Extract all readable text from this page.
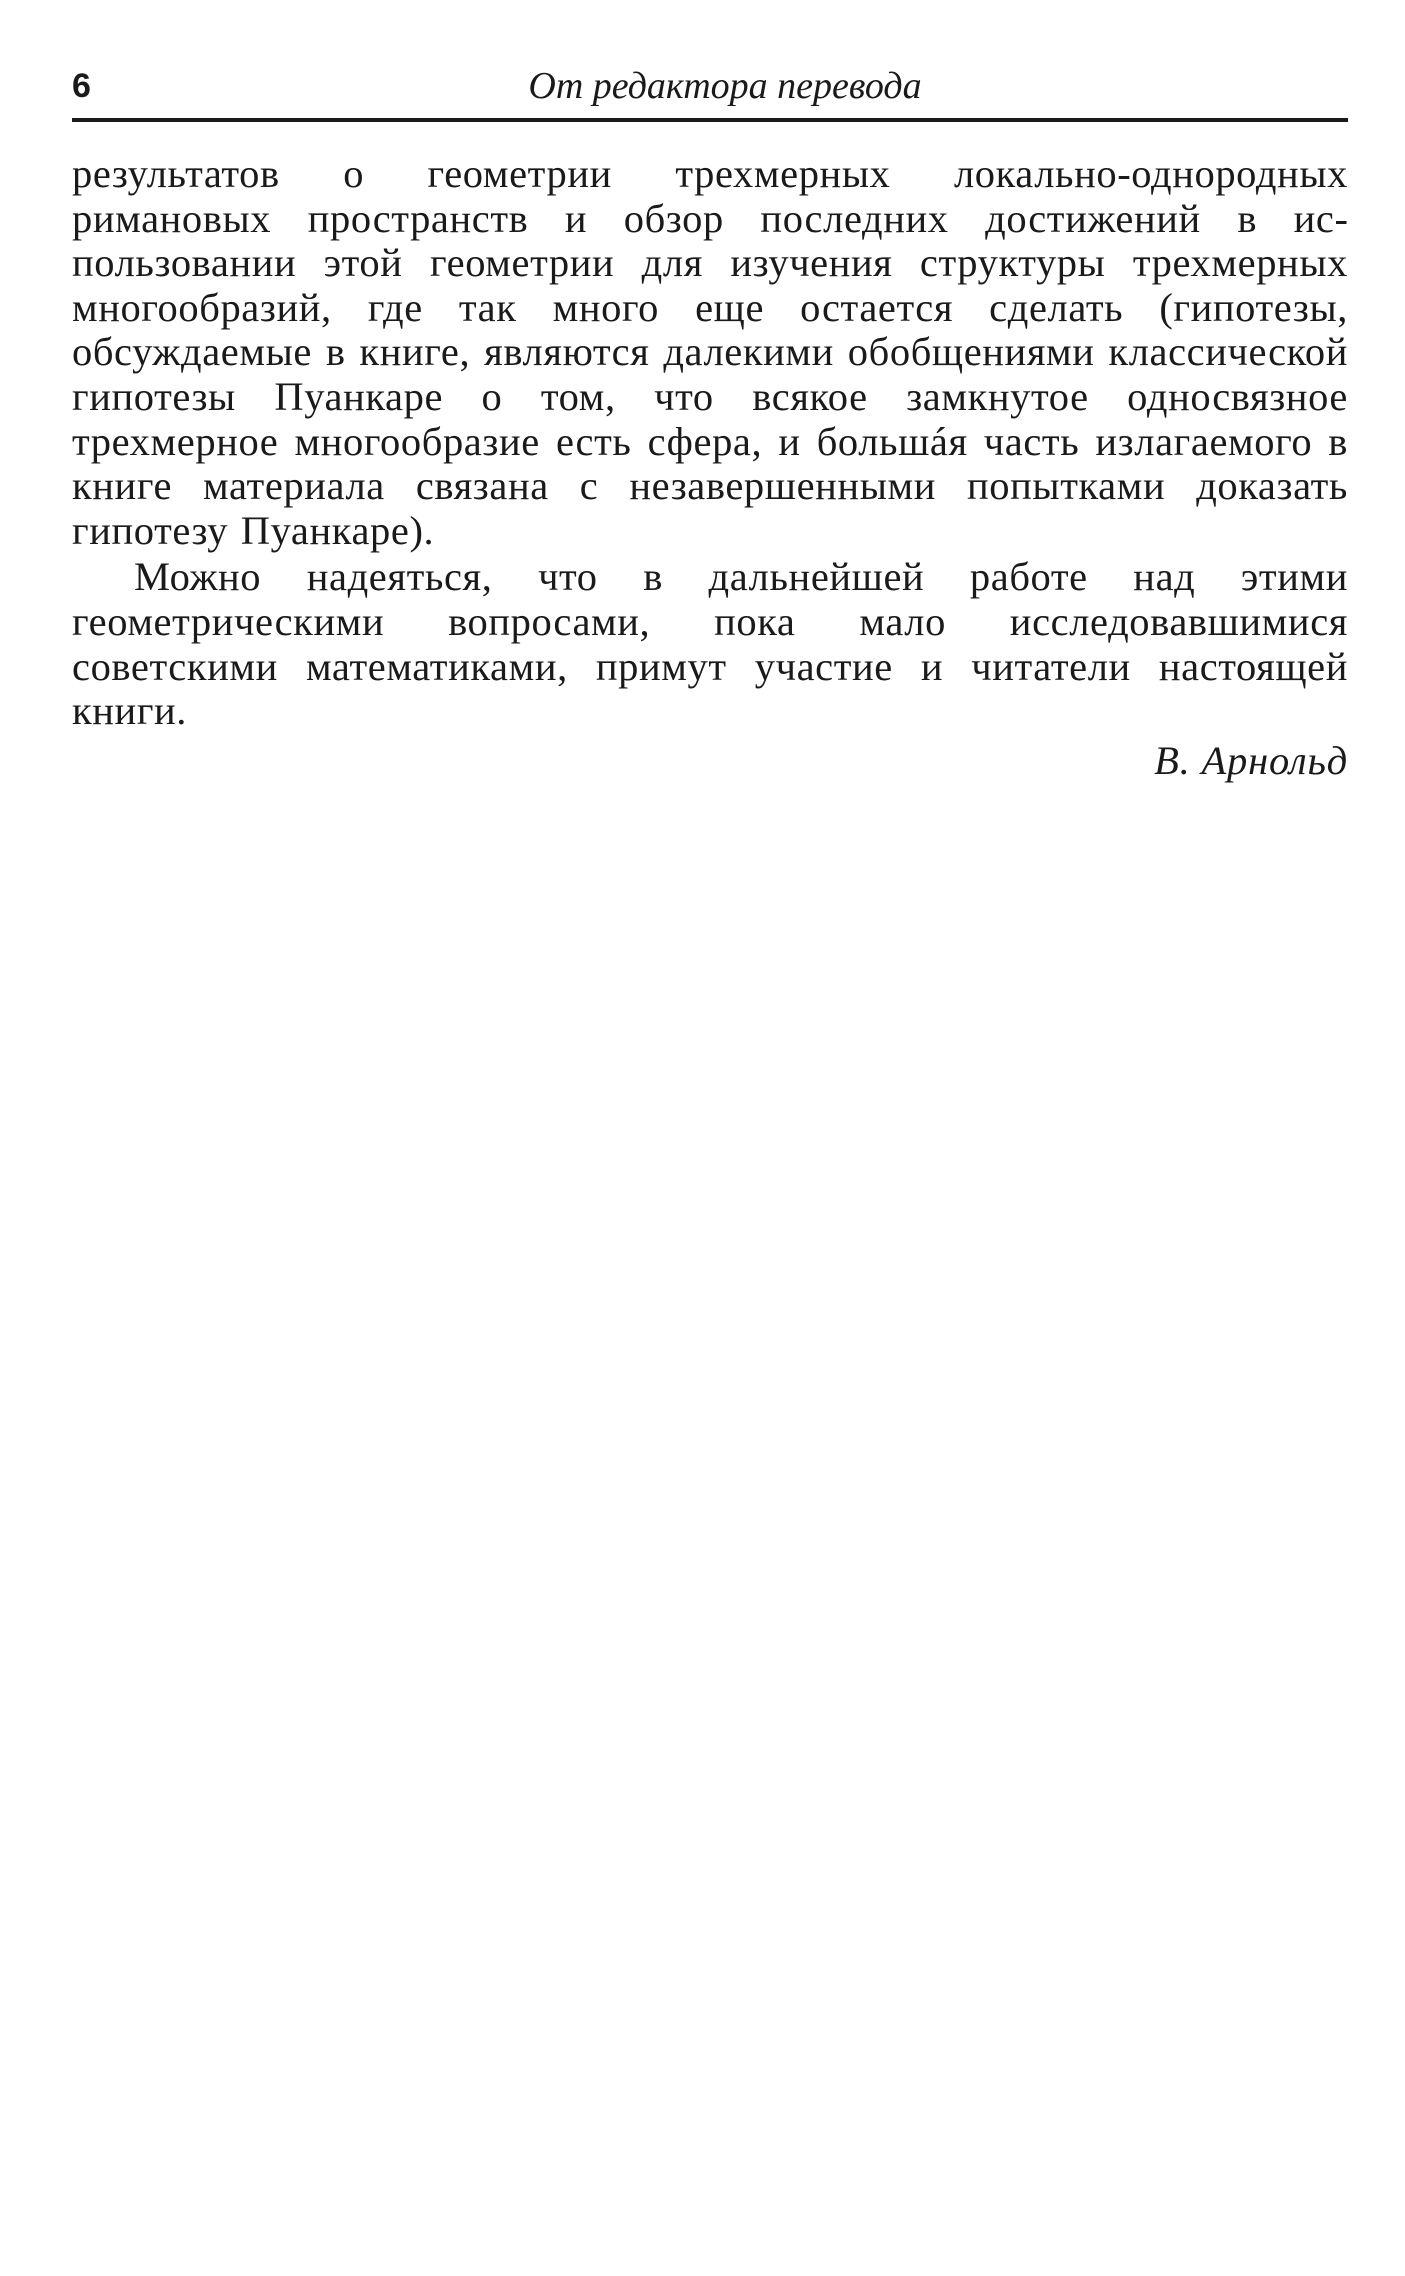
6	От редактора перевода

результатов о геометрии трехмерных локально-однородных римановых пространств и обзор последних достижений в использовании этой геометрии для изучения структуры трехмерных многообразий, где так много еще остается сделать (гипотезы, обсуждаемые в книге, являются далекими обобщениями классической гипотезы Пуанкаре о том, что всякое замкнутое односвязное трехмерное многообразие есть сфера, и большáя часть излагаемого в книге материала связана с незавершенными попытками доказать гипотезу Пуанкаре).

Можно надеяться, что в дальнейшей работе над этими геометрическими вопросами, пока мало исследовавшимися советскими математиками, примут участие и читатели настоящей книги.

В. Арнольд
